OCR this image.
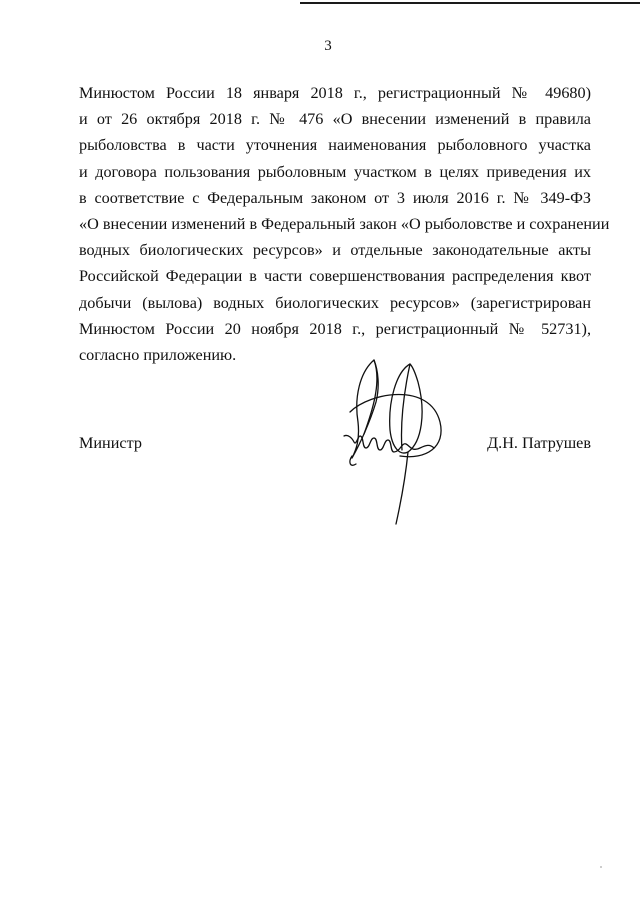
3
Минюстом России 18 января 2018 г., регистрационный № 49680)
и от 26 октября 2018 г. № 476 «О внесении изменений в правила
рыболовства в части уточнения наименования рыболовного участка
и договора пользования рыболовным участком в целях приведения их
в соответствие с Федеральным законом от 3 июля 2016 г. № 349-ФЗ
«О внесении изменений в Федеральный закон «О рыболовстве и сохранении
водных биологических ресурсов» и отдельные законодательные акты
Российской Федерации в части совершенствования распределения квот
добычи (вылова) водных биологических ресурсов» (зарегистрирован
Минюстом России 20 ноября 2018 г., регистрационный № 52731),
согласно приложению.
Министр	Д.Н. Патрушев
